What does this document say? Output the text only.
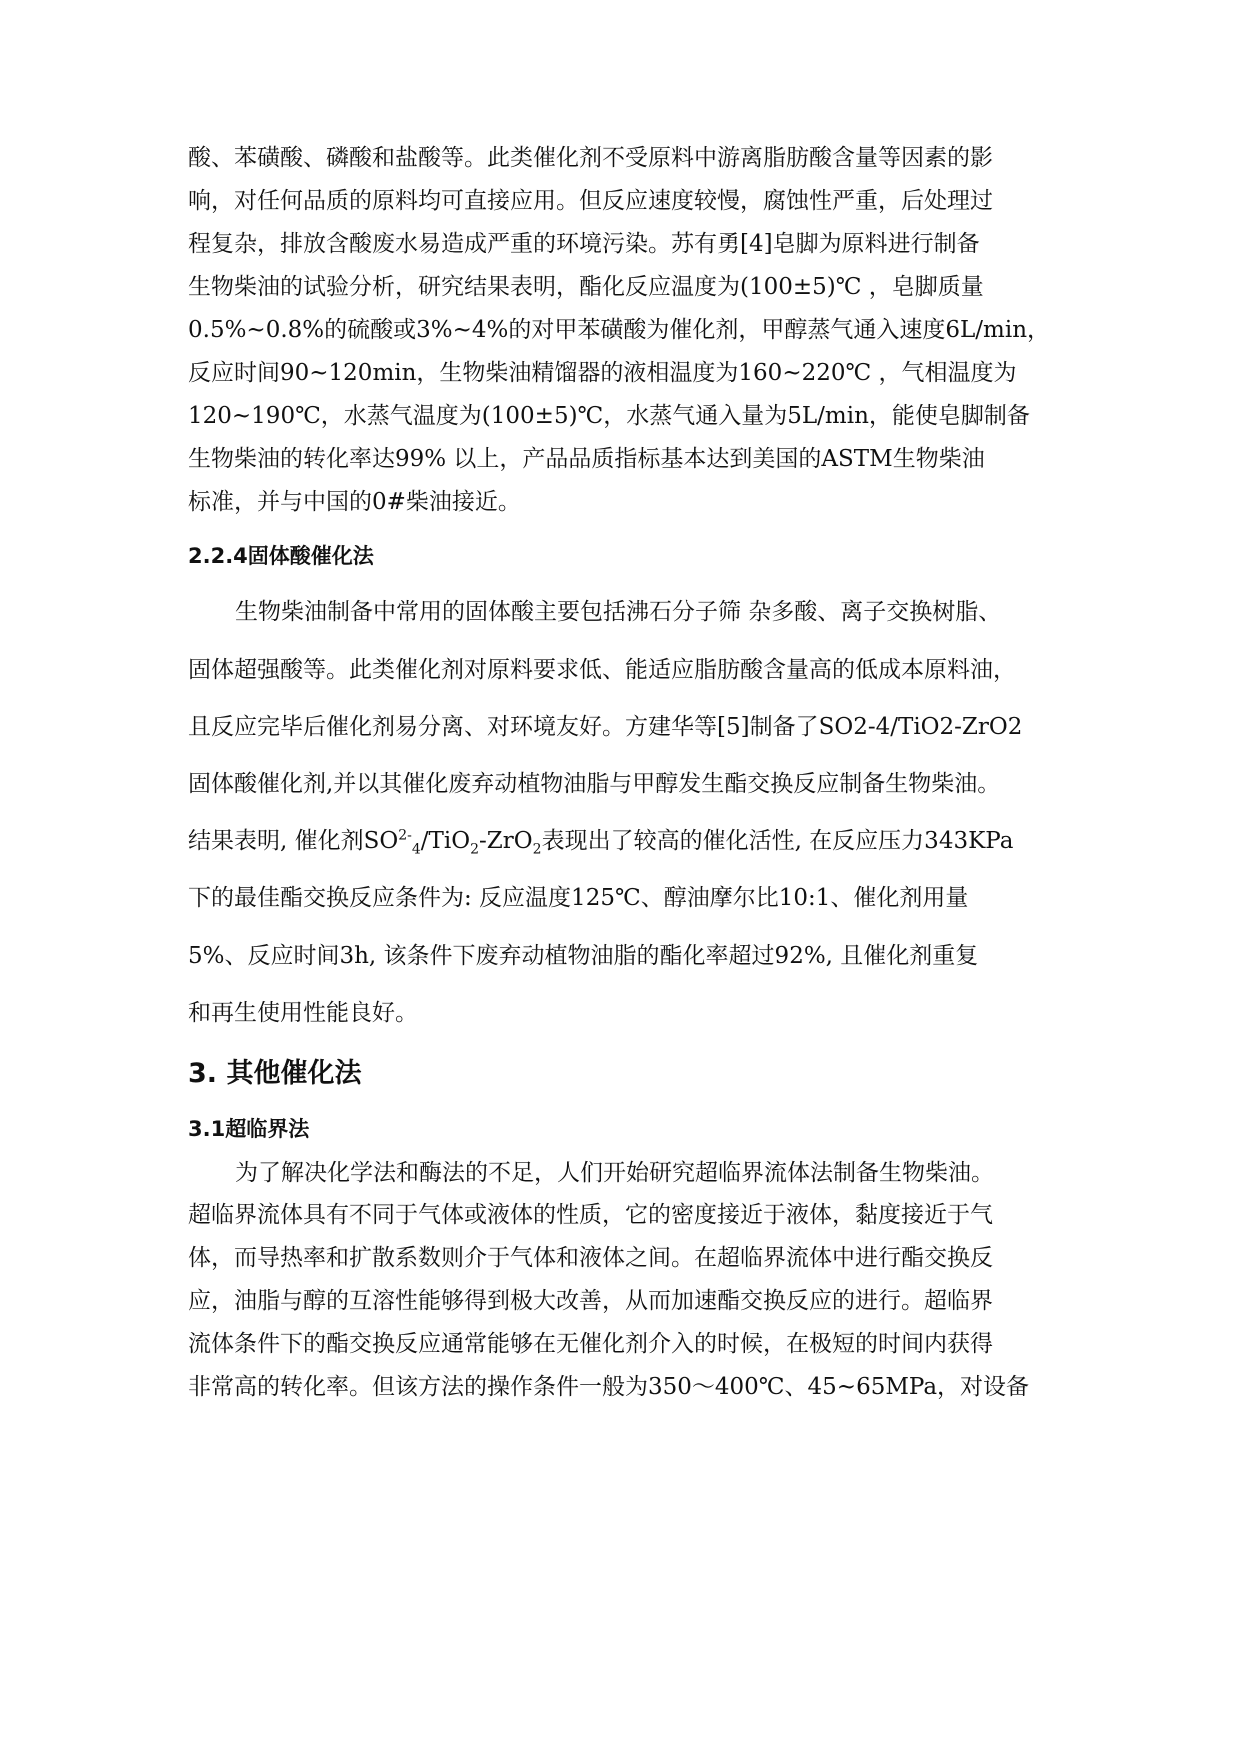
酸、苯磺酸、磷酸和盐酸等。此类催化剂不受原料中游离脂肪酸含量等因素的影
响，对任何品质的原料均可直接应用。但反应速度较慢，腐蚀性严重，后处理过
程复杂，排放含酸废水易造成严重的环境污染。苏有勇[4]皂脚为原料进行制备
生物柴油的试验分析，研究结果表明，酯化反应温度为(100±5)℃ ，皂脚质量
0.5%~0.8%的硫酸或3%~4%的对甲苯磺酸为催化剂，甲醇蒸气通入速度6L/min，
反应时间90~120min，生物柴油精馏器的液相温度为160~220℃ ，气相温度为
120~190℃，水蒸气温度为(100±5)℃，水蒸气通入量为5L/min，能使皂脚制备
生物柴油的转化率达99% 以上，产品品质指标基本达到美国的ASTM生物柴油
标准，并与中国的0#柴油接近。
2.2.4固体酸催化法
生物柴油制备中常用的固体酸主要包括沸石分子筛 杂多酸、离子交换树脂、
固体超强酸等。此类催化剂对原料要求低、能适应脂肪酸含量高的低成本原料油，
且反应完毕后催化剂易分离、对环境友好。方建华等[5]制备了SO2-4/TiO2-ZrO2
固体酸催化剂,并以其催化废弃动植物油脂与甲醇发生酯交换反应制备生物柴油。
结果表明, 催化剂$SO^{2-}_4/TiO_2-ZrO_2$表现出了较高的催化活性, 在反应压力343KPa
下的最佳酯交换反应条件为: 反应温度125℃、醇油摩尔比10:1、催化剂用量
5%、反应时间3h, 该条件下废弃动植物油脂的酯化率超过92%, 且催化剂重复
和再生使用性能良好。
3. 其他催化法
3.1超临界法
为了解决化学法和酶法的不足，人们开始研究超临界流体法制备生物柴油。
超临界流体具有不同于气体或液体的性质，它的密度接近于液体，黏度接近于气
体，而导热率和扩散系数则介于气体和液体之间。在超临界流体中进行酯交换反
应，油脂与醇的互溶性能够得到极大改善，从而加速酯交换反应的进行。超临界
流体条件下的酯交换反应通常能够在无催化剂介入的时候，在极短的时间内获得
非常高的转化率。但该方法的操作条件一般为350～400℃、45~65MPa，对设备
